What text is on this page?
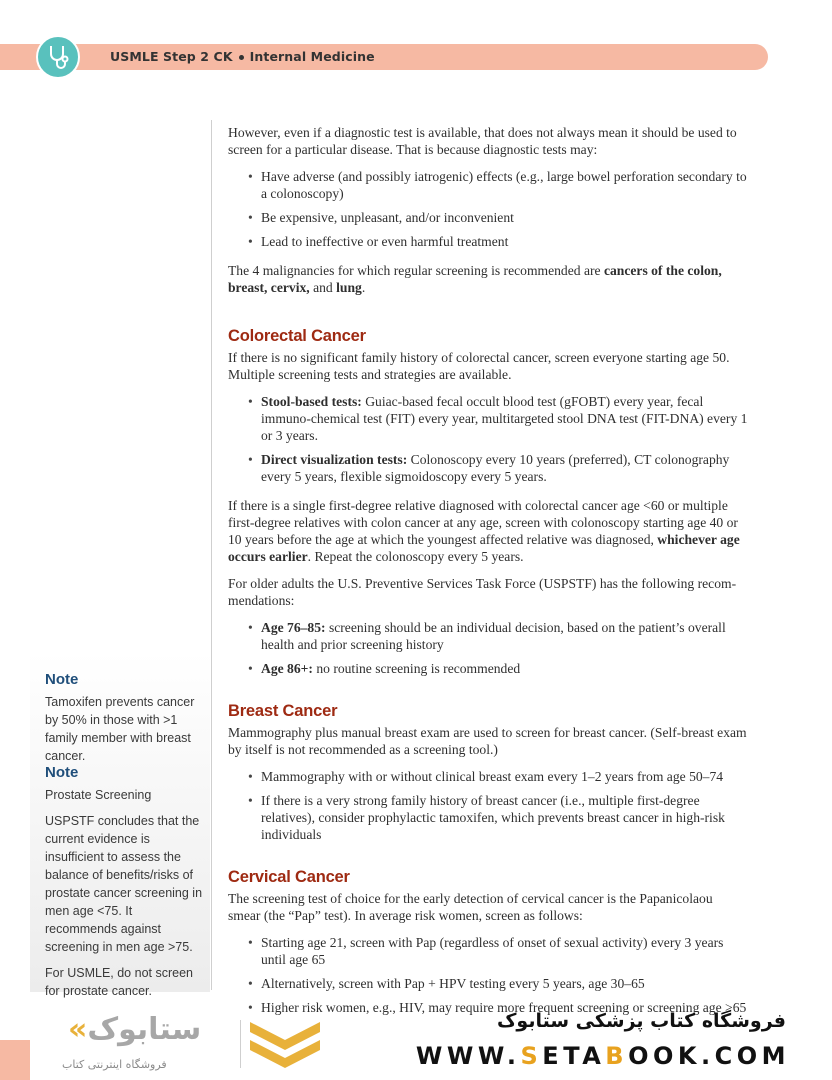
USMLE Step 2 CK Internal Medicine
Note

Tamoxifen prevents cancer by 50% in those with >1 family member with breast cancer.

Note
Prostate Screening

USPSTF concludes that the current evidence is insufficient to assess the balance of benefits/risks of prostate cancer screening in men age <75. It recommends against screening in men age >75.

For USMLE, do not screen for prostate cancer.

However, even if a diagnostic test is available, that does not always mean it should be used to screen for a particular disease. That is because diagnostic tests may:

• Have adverse (and possibly iatrogenic) effects (e.g., large bowel perforation secondary to a colonoscopy)
• Be expensive, unpleasant, and/or inconvenient
• Lead to ineffective or even harmful treatment

The 4 malignancies for which regular screening is recommended are cancers of the colon, breast, cervix, and lung.

Colorectal Cancer

If there is no significant family history of colorectal cancer, screen everyone starting age 50. Multiple screening tests and strategies are available.

• Stool-based tests: Guiac-based fecal occult blood test (gFOBT) every year, fecal immuno-chemical test (FIT) every year, multitargeted stool DNA test (FIT-DNA) every 1 or 3 years.
• Direct visualization tests: Colonoscopy every 10 years (preferred), CT colonography every 5 years, flexible sigmoidoscopy every 5 years.

If there is a single first-degree relative diagnosed with colorectal cancer age <60 or multiple first-degree relatives with colon cancer at any age, screen with colonoscopy starting age 40 or 10 years before the age at which the youngest affected relative was diagnosed, whichever age occurs earlier. Repeat the colonoscopy every 5 years.

For older adults the U.S. Preventive Services Task Force (USPSTF) has the following recom-mendations:

• Age 76–85: screening should be an individual decision, based on the patient’s overall health and prior screening history
• Age 86+: no routine screening is recommended
Breast Cancer

Mammography plus manual breast exam are used to screen for breast cancer. (Self-breast exam by itself is not recommended as a screening tool.)

• Mammography with or without clinical breast exam every 1–2 years from age 50–74
• If there is a very strong family history of breast cancer (i.e., multiple first-degree relatives), consider prophylactic tamoxifen, which prevents breast cancer in high-risk individuals
Cervical Cancer

The screening test of choice for the early detection of cervical cancer is the Papanicolaou smear (the “Pap” test). In average risk women, screen as follows:

• Starting age 21, screen with Pap (regardless of onset of sexual activity) every 3 years until age 65
• Alternatively, screen with Pap + HPV testing every 5 years, age 30–65
• Higher risk women, e.g., HIV, may require more frequent screening or screening age >65
«ستابوک
فروشگاه اینترنتی کتاب
فروشگاه کتاب پزشکی ستابوک
WWW.SETABOOK.COM
